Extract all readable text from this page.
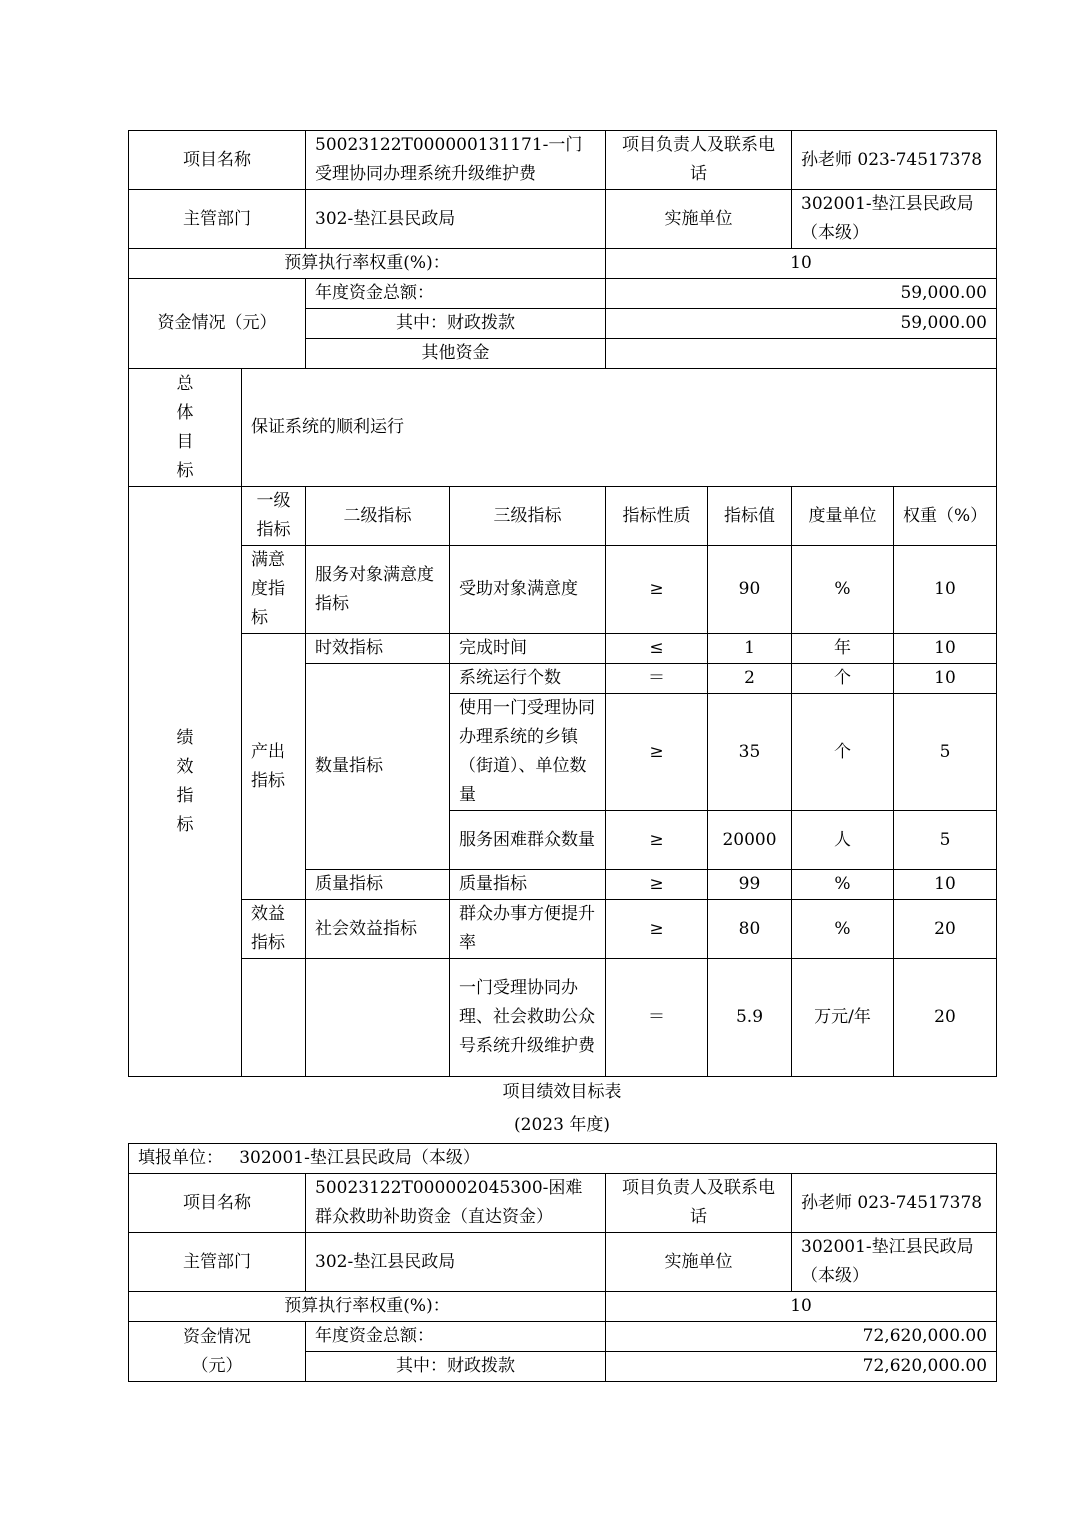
项目名称		50023122T000000131171-一门受理协同办理系统升级维护费		项目负责人及联系电话		孙老师 023-74517378	
主管部门		302-垫江县民政局		实施单位		302001-垫江县民政局（本级）	
预算执行率权重(%)：				10			
资金情况（元）		年度资金总额：		59,000.00			
		其中：财政拨款		59,000.00			
		其他资金					
总体目标	保证系统的顺利运行						
绩效指标	一级指标	二级指标	三级指标	指标性质	指标值	度量单位	权重（%）
	满意度指标	服务对象满意度指标	受助对象满意度	≥	90	%	10
	产出指标	时效指标	完成时间	≤	1	年	10
		数量指标	系统运行个数	＝	2	个	10
			使用一门受理协同办理系统的乡镇（街道）、单位数量	≥	35	个	5
			服务困难群众数量	≥	20000	人	5
		质量指标	质量指标	≥	99	%	10
	效益指标	社会效益指标	群众办事方便提升率	≥	80	%	20
			一门受理协同办理、社会救助公众号系统升级维护费	＝	5.9	万元/年	20
项目绩效目标表
(2023 年度)
填报单位： 302001-垫江县民政局（本级）			
项目名称	50023122T000002045300-困难群众救助补助资金（直达资金）	项目负责人及联系电话	孙老师 023-74517378
主管部门	302-垫江县民政局	实施单位	302001-垫江县民政局（本级）
预算执行率权重(%)：		10	
资金情况（元）	年度资金总额：	72,620,000.00	
	其中：财政拨款	72,620,000.00	
